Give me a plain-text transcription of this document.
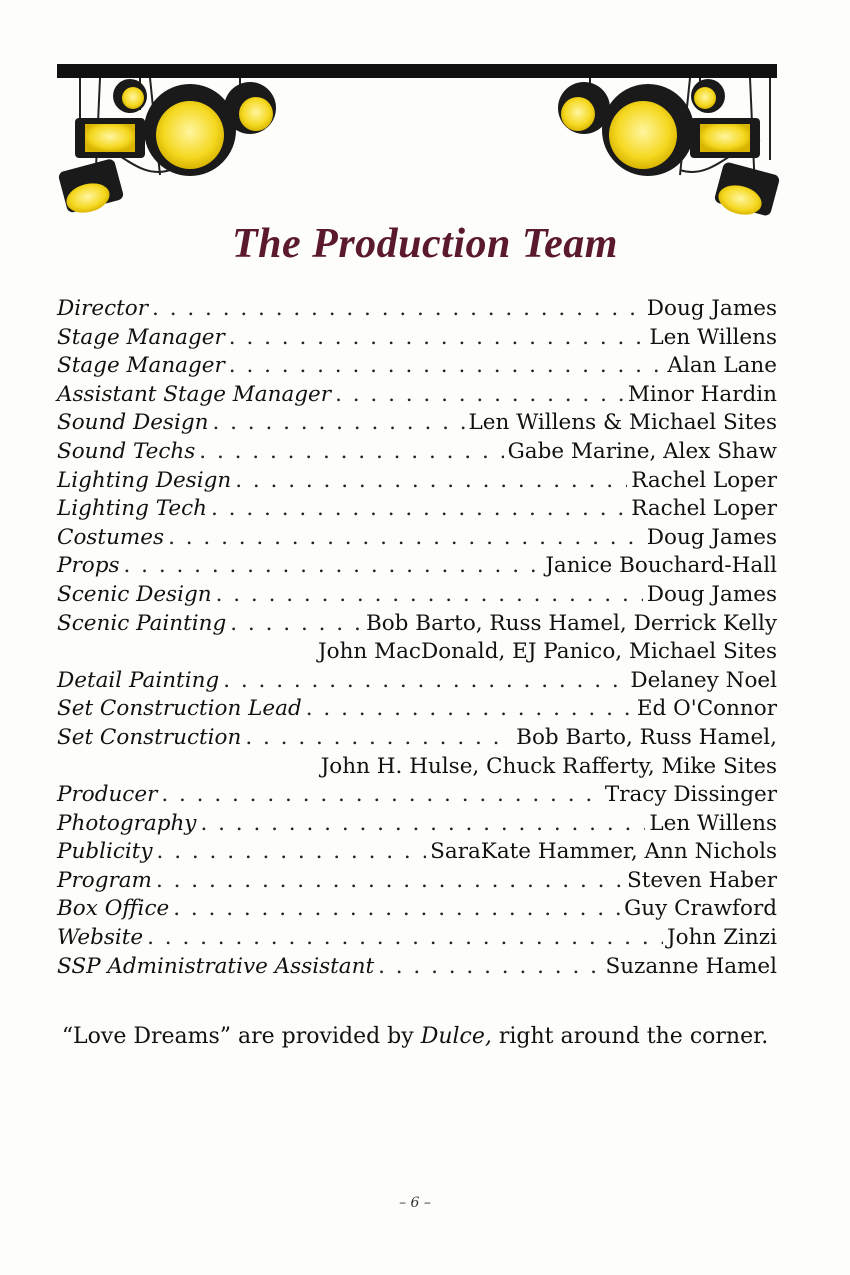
The Production Team
Director . . .	Doug James
Stage Manager . . .	Len Willens
Stage Manager . . .	Alan Lane
Assistant Stage Manager . . .	Minor Hardin
Sound Design . . .	Len Willens & Michael Sites
Sound Techs . . .	Gabe Marine, Alex Shaw
Lighting Design . . .	Rachel Loper
Lighting Tech . . .	Rachel Loper
Costumes . . .	Doug James
Props . . .	Janice Bouchard-Hall
Scenic Design . . .	Doug James
Scenic Painting . . .	Bob Barto, Russ Hamel, Derrick Kelly
John MacDonald, EJ Panico, Michael Sites
Detail Painting . . .	Delaney Noel
Set Construction Lead . . .	Ed O'Connor
Set Construction . . .	Bob Barto, Russ Hamel,
John H. Hulse, Chuck Rafferty, Mike Sites
Producer . . .	Tracy Dissinger
Photography . . .	Len Willens
Publicity . . .	SaraKate Hammer, Ann Nichols
Program . . .	Steven Haber
Box Office . . .	Guy Crawford
Website . . .	John Zinzi
SSP Administrative Assistant . . .	Suzanne Hamel
“Love Dreams” are provided by Dulce, right around the corner.
– 6 –
